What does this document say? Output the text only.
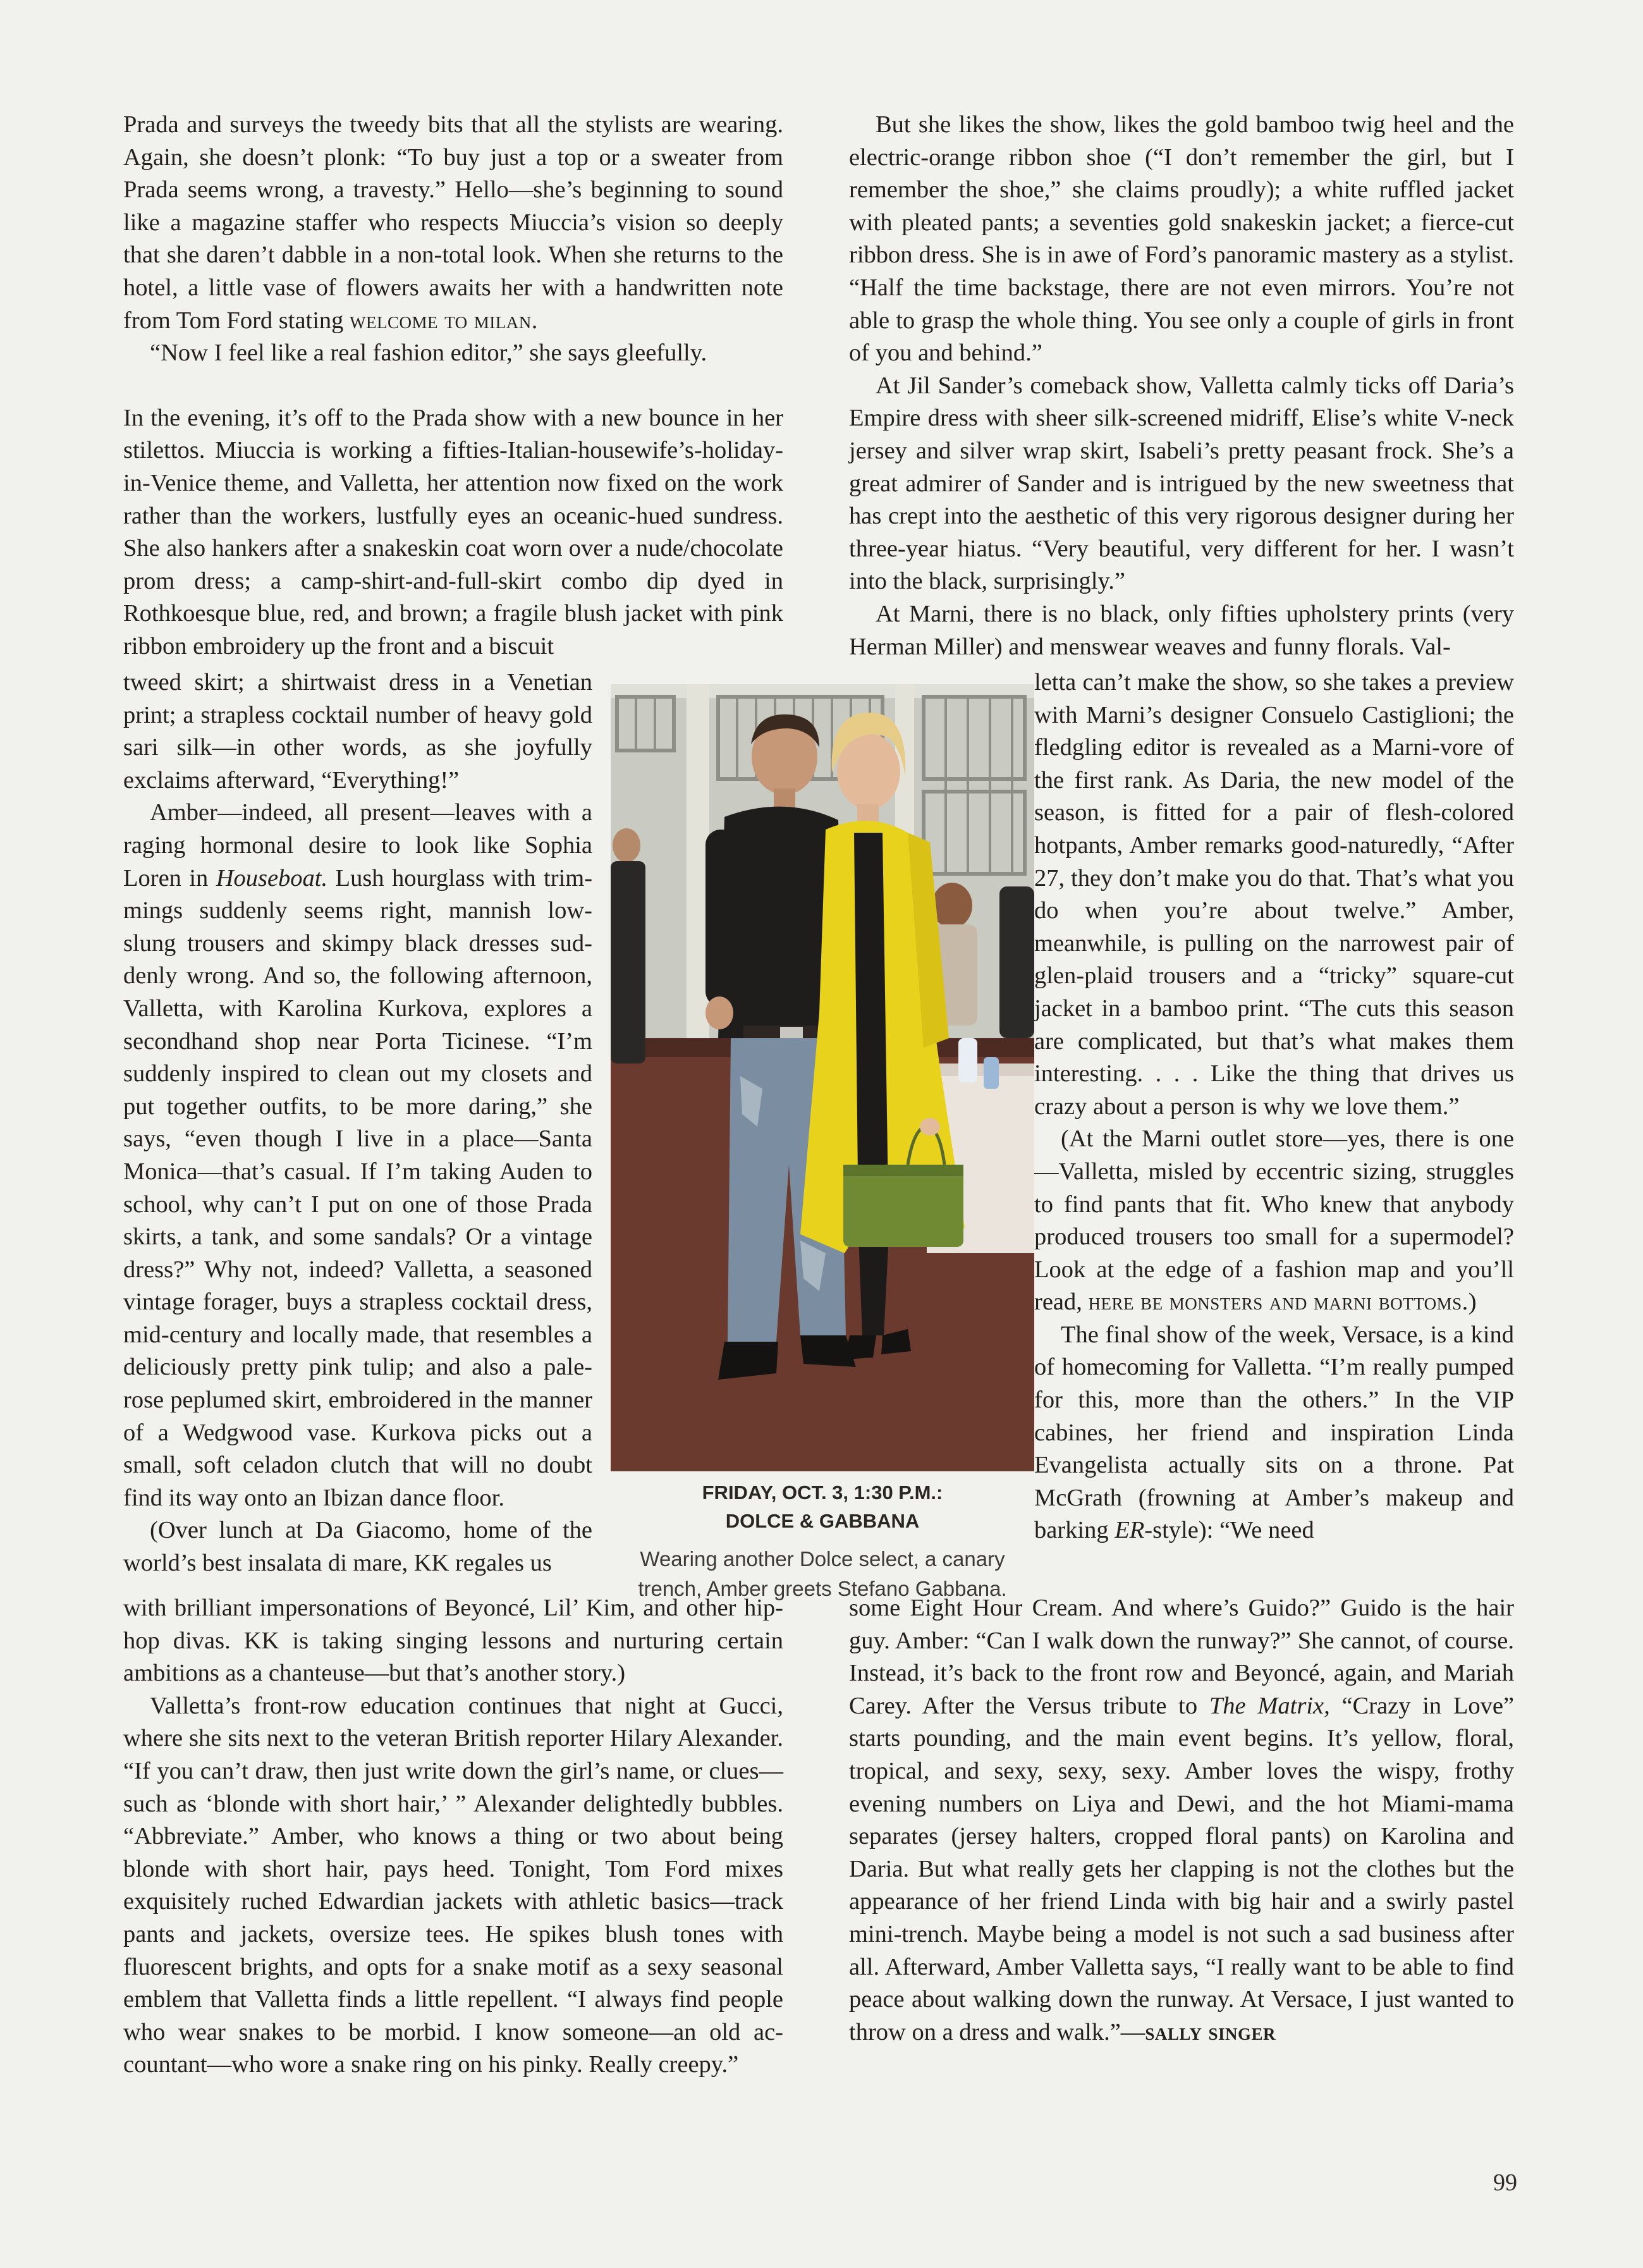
Prada and surveys the tweedy bits that all the stylists are wearing. Again, she doesn’t plonk: “To buy just a top or a sweater from Prada seems wrong, a travesty.” Hello—she’s beginning to sound like a magazine staffer who respects Miuccia’s vision so deeply that she daren’t dabble in a non-total look. When she returns to the hotel, a little vase of flowers awaits her with a handwritten note from Tom Ford stating welcome to milan.

“Now I feel like a real fashion editor,” she says gleefully.

In the evening, it’s off to the Prada show with a new bounce in her stilettos. Miuccia is working a fifties-Italian-housewife’s-holiday-in-Venice theme, and Valletta, her attention now fixed on the work rather than the workers, lustfully eyes an oceanic-hued sundress. She also hankers after a snakeskin coat worn over a nude/chocolate prom dress; a camp-shirt-and-full-skirt combo dip dyed in Rothkoesque blue, red, and brown; a fragile blush jacket with pink ribbon embroidery up the front and a biscuit

tweed skirt; a shirtwaist dress in a Venetian print; a strapless cocktail number of heavy gold sari silk—in other words, as she joyfully exclaims afterward, “Everything!”

Amber—indeed, all present—leaves with a raging hormonal desire to look like Sophia Loren in Houseboat. Lush hourglass with trimmings suddenly seems right, mannish low-slung trousers and skimpy black dresses suddenly wrong. And so, the following afternoon, Valletta, with Karolina Kurkova, explores a secondhand shop near Porta Ticinese. “I’m suddenly inspired to clean out my closets and put together outfits, to be more daring,” she says, “even though I live in a place—Santa Monica—that’s casual. If I’m taking Auden to school, why can’t I put on one of those Prada skirts, a tank, and some sandals? Or a vintage dress?” Why not, indeed? Valletta, a seasoned vintage forager, buys a strapless cocktail dress, mid-century and locally made, that resembles a deliciously pretty pink tulip; and also a pale-rose peplumed skirt, embroidered in the manner of a Wedgwood vase. Kurkova picks out a small, soft celadon clutch that will no doubt find its way onto an Ibizan dance floor.

(Over lunch at Da Giacomo, home of the world’s best insalata di mare, KK regales us

with brilliant impersonations of Beyoncé, Lil’ Kim, and other hip-hop divas. KK is taking singing lessons and nurturing certain ambitions as a chanteuse—but that’s another story.)

Valletta’s front-row education continues that night at Gucci, where she sits next to the veteran British reporter Hilary Alexander. “If you can’t draw, then just write down the girl’s name, or clues—such as ‘blonde with short hair,’ ” Alexander delightedly bubbles. “Abbreviate.” Amber, who knows a thing or two about being blonde with short hair, pays heed. Tonight, Tom Ford mixes exquisitely ruched Edwardian jackets with athletic basics—track pants and jackets, oversize tees. He spikes blush tones with fluorescent brights, and opts for a snake motif as a sexy seasonal emblem that Valletta finds a little repellent. “I always find people who wear snakes to be morbid. I know someone—an old accountant—who wore a snake ring on his pinky. Really creepy.”

But she likes the show, likes the gold bamboo twig heel and the electric-orange ribbon shoe (“I don’t remember the girl, but I remember the shoe,” she claims proudly); a white ruffled jacket with pleated pants; a seventies gold snakeskin jacket; a fierce-cut ribbon dress. She is in awe of Ford’s panoramic mastery as a stylist. “Half the time backstage, there are not even mirrors. You’re not able to grasp the whole thing. You see only a couple of girls in front of you and behind.”

At Jil Sander’s comeback show, Valletta calmly ticks off Daria’s Empire dress with sheer silk-screened midriff, Elise’s white V-neck jersey and silver wrap skirt, Isabeli’s pretty peasant frock. She’s a great admirer of Sander and is intrigued by the new sweetness that has crept into the aesthetic of this very rigorous designer during her three-year hiatus. “Very beautiful, very different for her. I wasn’t into the black, surprisingly.”

At Marni, there is no black, only fifties upholstery prints (very Herman Miller) and menswear weaves and funny florals. Val-

letta can’t make the show, so she takes a preview with Marni’s designer Consuelo Castiglioni; the fledgling editor is revealed as a Marni-vore of the first rank. As Daria, the new model of the season, is fitted for a pair of flesh-colored hotpants, Amber remarks good-naturedly, “After 27, they don’t make you do that. That’s what you do when you’re about twelve.” Amber, meanwhile, is pulling on the narrowest pair of glen-plaid trousers and a “tricky” square-cut jacket in a bamboo print. “The cuts this season are complicated, but that’s what makes them interesting. . . . Like the thing that drives us crazy about a person is why we love them.”

(At the Marni outlet store—yes, there is one—Valletta, misled by eccentric sizing, struggles to find pants that fit. Who knew that anybody produced trousers too small for a supermodel? Look at the edge of a fashion map and you’ll read, here be monsters and marni bottoms.)

The final show of the week, Versace, is a kind of homecoming for Valletta. “I’m really pumped for this, more than the others.” In the VIP cabines, her friend and inspiration Linda Evangelista actually sits on a throne. Pat McGrath (frowning at Amber’s makeup and barking ER-style): “We need

some Eight Hour Cream. And where’s Guido?” Guido is the hair guy. Amber: “Can I walk down the runway?” She cannot, of course. Instead, it’s back to the front row and Beyoncé, again, and Mariah Carey. After the Versus tribute to The Matrix, “Crazy in Love” starts pounding, and the main event begins. It’s yellow, floral, tropical, and sexy, sexy, sexy. Amber loves the wispy, frothy evening numbers on Liya and Dewi, and the hot Miami-mama separates (jersey halters, cropped floral pants) on Karolina and Daria. But what really gets her clapping is not the clothes but the appearance of her friend Linda with big hair and a swirly pastel mini-trench. Maybe being a model is not such a sad business after all. Afterward, Amber Valletta says, “I really want to be able to find peace about walking down the runway. At Versace, I just wanted to throw on a dress and walk.”—sally singer

FRIDAY, OCT. 3, 1:30 P.M.:
DOLCE & GABBANA
Wearing another Dolce select, a canary trench, Amber greets Stefano Gabbana.
99
